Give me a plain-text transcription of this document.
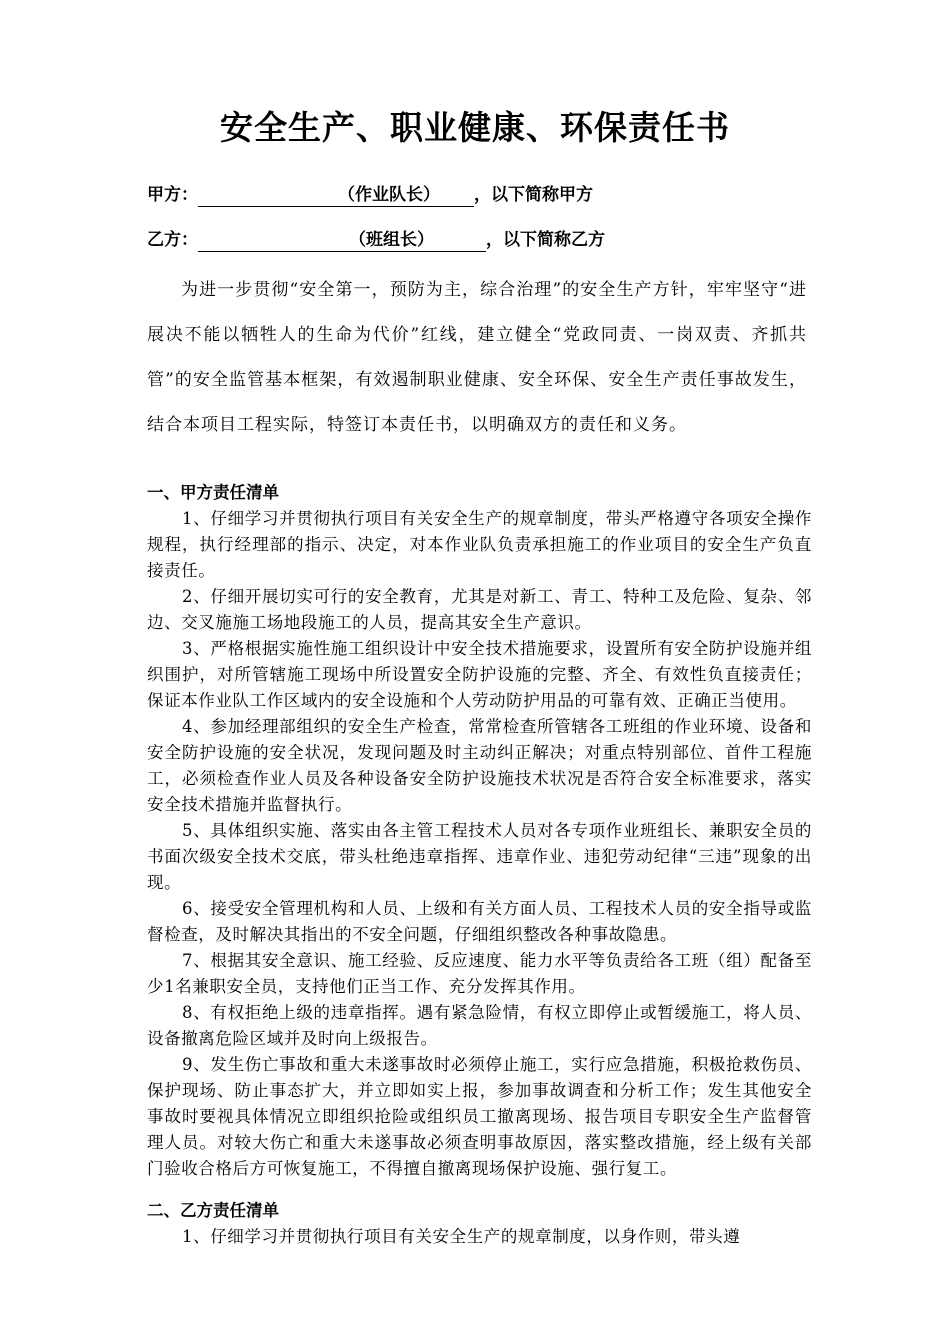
安全生产、职业健康、环保责任书
甲方：	（作业队长） ，以下简称甲方
乙方：	（班组长）	，以下简称乙方
为进一步贯彻“安全第一，预防为主，综合治理”的安全生产方针，牢牢坚守“进展决不能以牺牲人的生命为代价”红线，建立健全“党政同责、一岗双责、齐抓共管”的安全监管基本框架，有效遏制职业健康、安全环保、安全生产责任事故发生，结合本项目工程实际，特签订本责任书，以明确双方的责任和义务。
一、甲方责任清单
1、仔细学习并贯彻执行项目有关安全生产的规章制度，带头严格遵守各项安全操作规程，执行经理部的指示、决定，对本作业队负责承担施工的作业项目的安全生产负直接责任。
2、仔细开展切实可行的安全教育，尤其是对新工、青工、特种工及危险、复杂、邻边、交叉施施工场地段施工的人员，提高其安全生产意识。
3、严格根据实施性施工组织设计中安全技术措施要求，设置所有安全防护设施并组织围护，对所管辖施工现场中所设置安全防护设施的完整、齐全、有效性负直接责任；保证本作业队工作区域内的安全设施和个人劳动防护用品的可靠有效、正确正当使用。
4、参加经理部组织的安全生产检查，常常检查所管辖各工班组的作业环境、设备和安全防护设施的安全状况，发现问题及时主动纠正解决；对重点特别部位、首件工程施工，必须检查作业人员及各种设备安全防护设施技术状况是否符合安全标准要求，落实安全技术措施并监督执行。
5、具体组织实施、落实由各主管工程技术人员对各专项作业班组长、兼职安全员的书面次级安全技术交底，带头杜绝违章指挥、违章作业、违犯劳动纪律“三违”现象的出现。
6、接受安全管理机构和人员、上级和有关方面人员、工程技术人员的安全指导或监督检查，及时解决其指出的不安全问题，仔细组织整改各种事故隐患。
7、根据其安全意识、施工经验、反应速度、能力水平等负责给各工班（组）配备至少1名兼职安全员，支持他们正当工作、充分发挥其作用。
8、有权拒绝上级的违章指挥。遇有紧急险情，有权立即停止或暂缓施工，将人员、设备撤离危险区域并及时向上级报告。
9、发生伤亡事故和重大未遂事故时必须停止施工，实行应急措施，积极抢救伤员、保护现场、防止事态扩大，并立即如实上报，参加事故调查和分析工作；发生其他安全事故时要视具体情况立即组织抢险或组织员工撤离现场、报告项目专职安全生产监督管理人员。对较大伤亡和重大未遂事故必须查明事故原因，落实整改措施，经上级有关部门验收合格后方可恢复施工，不得擅自撤离现场保护设施、强行复工。
二、乙方责任清单
1、仔细学习并贯彻执行项目有关安全生产的规章制度，以身作则，带头遵
